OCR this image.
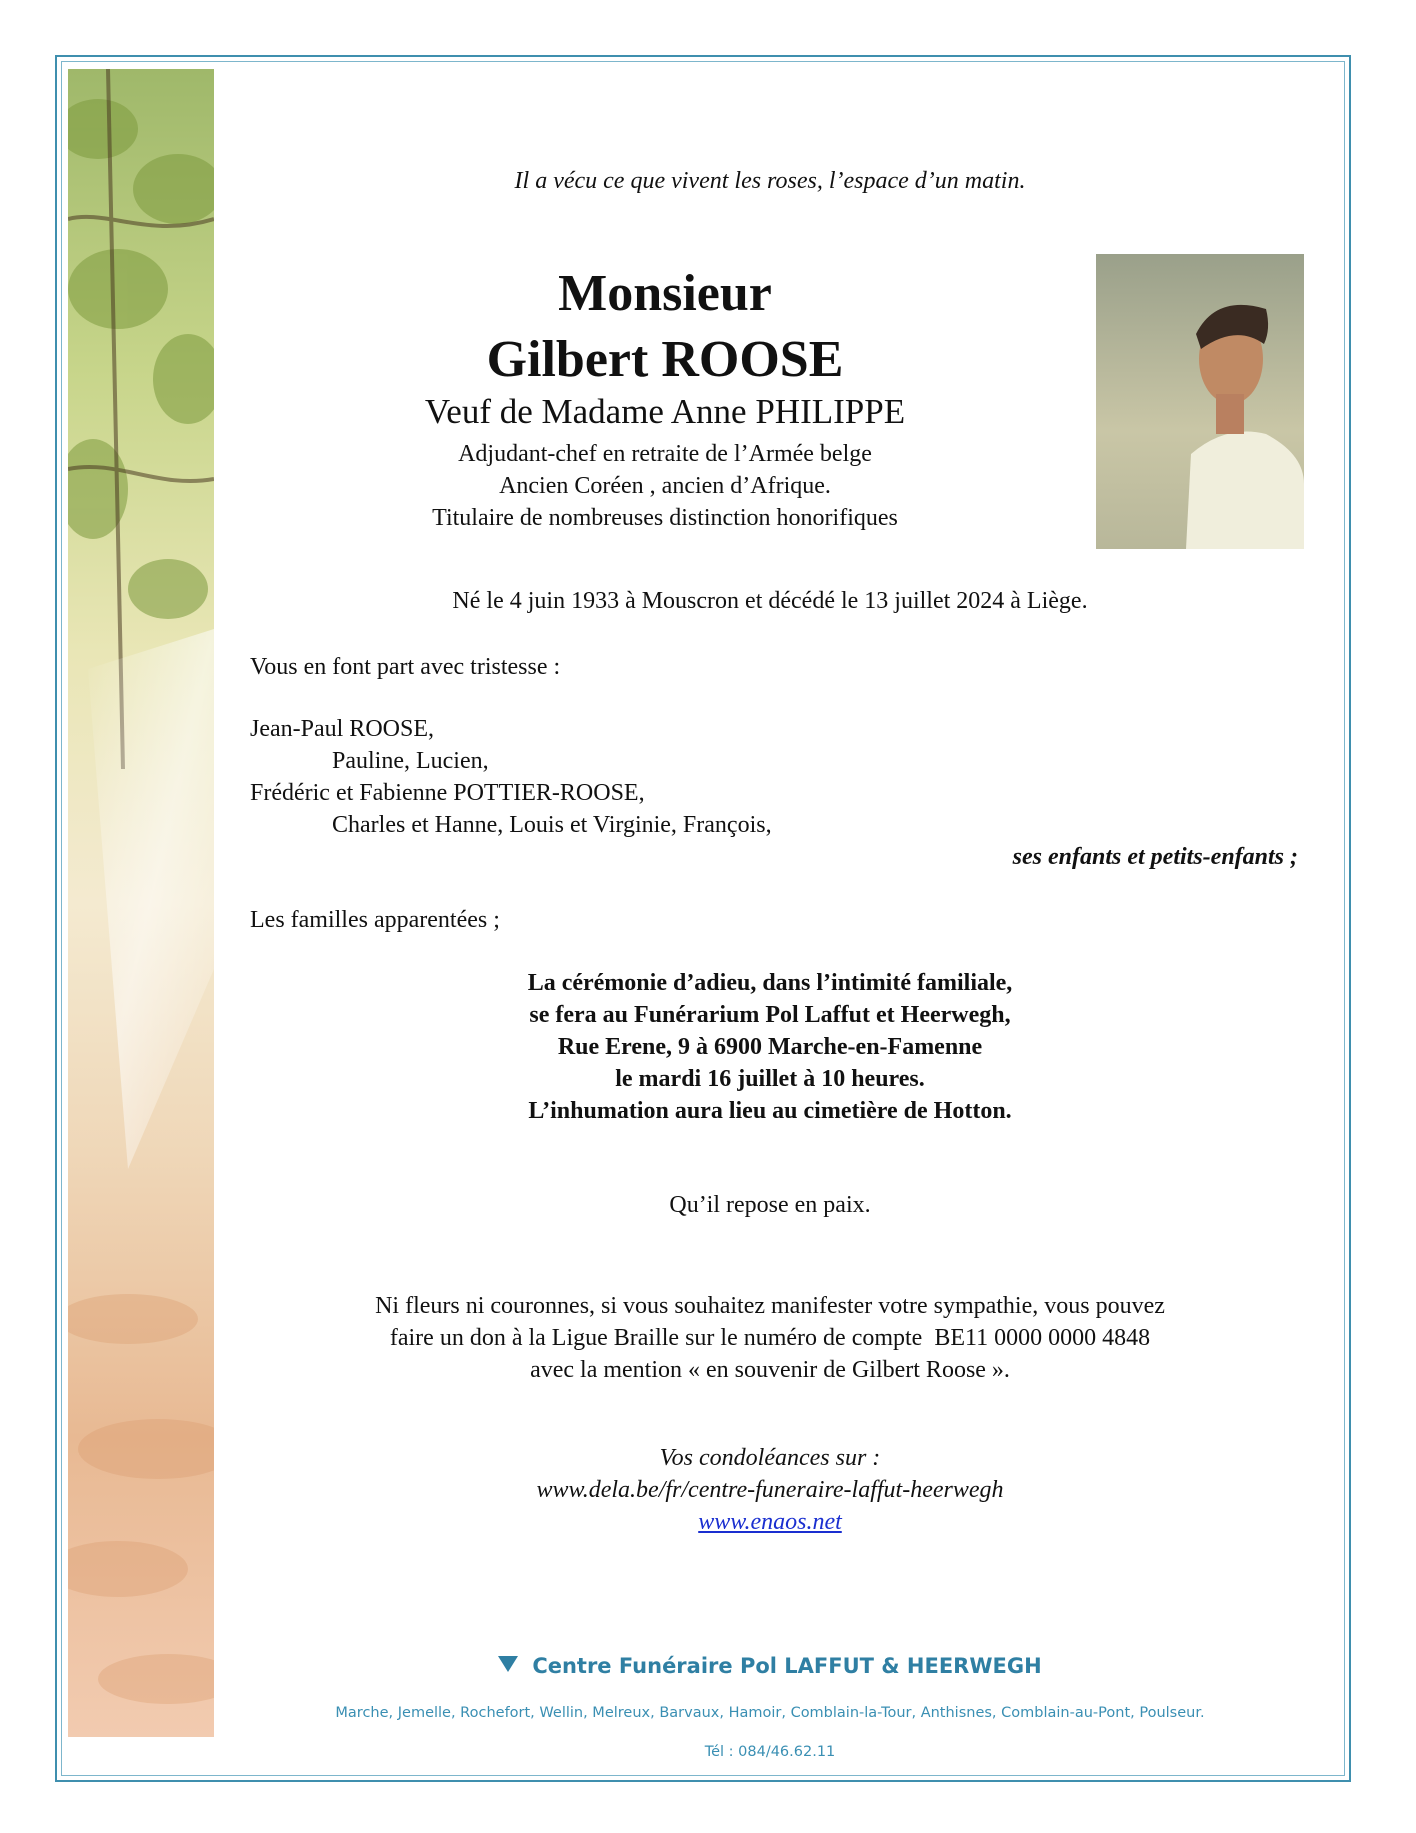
Il a vécu ce que vivent les roses, l’espace d’un matin.
Monsieur
Gilbert ROOSE
Veuf de Madame Anne PHILIPPE
Adjudant-chef en retraite de l’Armée belge
Ancien Coréen , ancien d’Afrique.
Titulaire de nombreuses distinction honorifiques
Né le 4 juin 1933 à Mouscron et décédé le 13 juillet 2024 à Liège.
Vous en font part avec tristesse :
Jean-Paul ROOSE,
Pauline, Lucien,
Frédéric et Fabienne POTTIER-ROOSE,
Charles et Hanne, Louis et Virginie, François,
ses enfants et petits-enfants ;
Les familles apparentées ;
La cérémonie d’adieu, dans l’intimité familiale,
se fera au Funérarium Pol Laffut et Heerwegh,
Rue Erene, 9 à 6900 Marche-en-Famenne
le mardi 16 juillet à 10 heures.
L’inhumation aura lieu au cimetière de Hotton.
Qu’il repose en paix.
Ni fleurs ni couronnes, si vous souhaitez manifester votre sympathie, vous pouvez
faire un don à la Ligue Braille sur le numéro de compte  BE11 0000 0000 4848
avec la mention « en souvenir de Gilbert Roose ».
Vos condoléances sur :
www.dela.be/fr/centre-funeraire-laffut-heerwegh
www.enaos.net
Centre Funéraire Pol LAFFUT & HEERWEGH
Marche, Jemelle, Rochefort, Wellin, Melreux, Barvaux, Hamoir, Comblain-la-Tour, Anthisnes, Comblain-au-Pont, Poulseur.
Tél : 084/46.62.11
